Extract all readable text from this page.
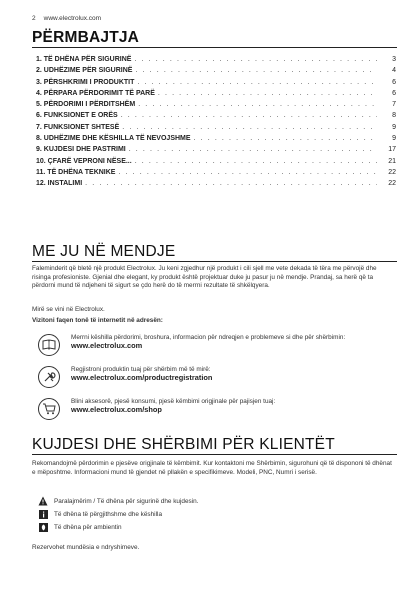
2 www.electrolux.com
PËRMBAJTJA
1. TË DHËNA PËR SIGURINË . . .	3
2. UDHËZIME PËR SIGURINË . . .	4
3. PËRSHKRIMI I PRODUKTIT . . .	6
4. PËRPARA PËRDORIMIT TË PARË . . .	6
5. PËRDORIMI I PËRDITSHËM . . .	7
6. FUNKSIONET E ORËS . . .	8
7. FUNKSIONET SHTESË . . .	9
8. UDHËZIME DHE KËSHILLA TË NEVOJSHME . . .	9
9. KUJDESI DHE PASTRIMI . . .	17
10. ÇFARË VEPRONI NËSE... . . .	21
11. TË DHËNA TEKNIKE . . .	22
12. INSTALIMI . . .	22
ME JU NË MENDJE
Faleminderit që bletë një produkt Electrolux. Ju keni zgjedhur një produkt i cili sjell me vete dekada të tëra me përvojë dhe risinga profesioniste. Gjenial dhe elegant, ky produkt është projektuar duke ju pasur ju në mendje. Prandaj, sa herë që ta përdorni mund të ndjeheni të sigurt se çdo herë do të merrni rezultate të shkëlqyera.
Mirë se vini në Electrolux.
Vizitoni faqen tonë të internetit në adresën:
Merrni këshilla përdorimi, broshura, informacion për ndreqjen e problemeve si dhe për shërbimin:
www.electrolux.com
Regjistroni produktin tuaj për shërbim më të mirë:
www.electrolux.com/productregistration
Blini aksesorë, pjesë konsumi, pjesë këmbimi origjinale për pajisjen tuaj:
www.electrolux.com/shop
KUJDESI DHE SHËRBIMI PËR KLIENTËT
Rekomandojmë përdorimin e pjesëve origjinale të këmbimit. Kur kontaktoni me Shërbimin, sigurohuni që të dispononi të dhënat e mëposhtme. Informacioni mund të gjendet në pllakën e specifikimeve. Modeli, PNC, Numri i serisë.
Paralajmërim / Të dhëna për sigurinë dhe kujdesin.
Të dhëna të përgjithshme dhe këshilla
Të dhëna për ambientin
Rezervohet mundësia e ndryshimeve.
